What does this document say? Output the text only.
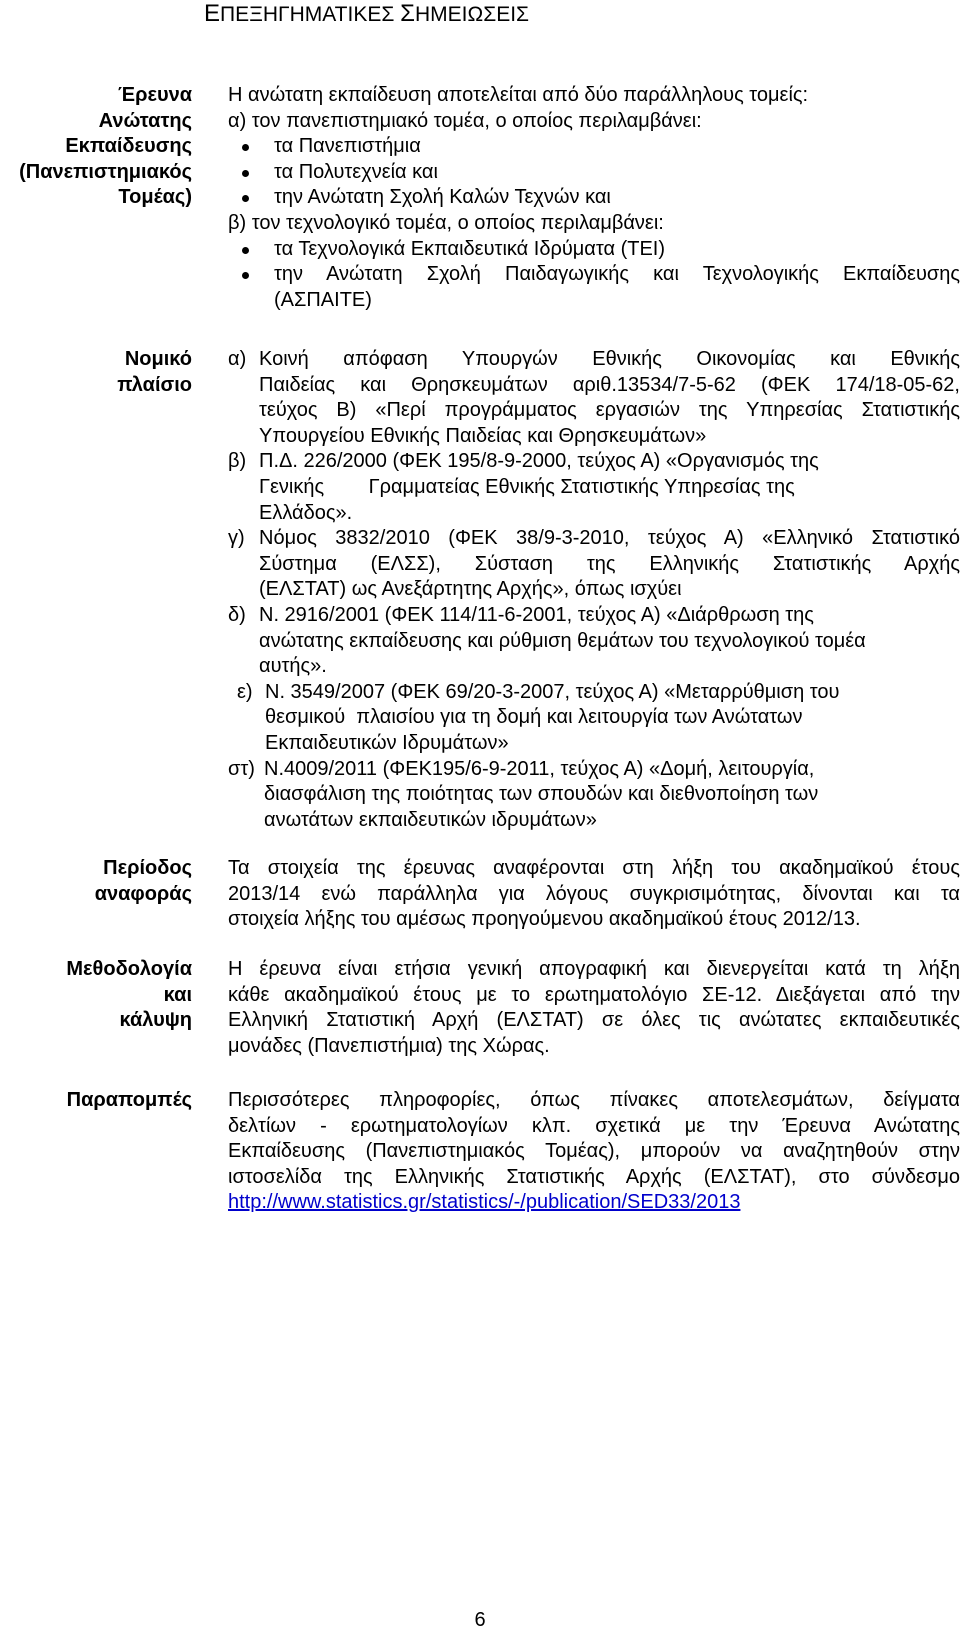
ΕΠΕΞΗΓΗΜΑΤΙΚΕΣ ΣΗΜΕΙΩΣΕΙΣ
Έρευνα
Ανώτατης
Εκπαίδευσης
(Πανεπιστημιακός
Τομέας)
Η ανώτατη εκπαίδευση αποτελείται από δύο παράλληλους τομείς:
α) τον πανεπιστημιακό τομέα, ο οποίος περιλαμβάνει:
τα Πανεπιστήμια
τα Πολυτεχνεία και
την Ανώτατη Σχολή Καλών Τεχνών και
β) τον τεχνολογικό τομέα, ο οποίος περιλαμβάνει:
τα Τεχνολογικά Εκπαιδευτικά Ιδρύματα (ΤΕΙ)
την Ανώτατη Σχολή Παιδαγωγικής και Τεχνολογικής Εκπαίδευσης
(ΑΣΠΑΙΤΕ)
Νομικό
πλαίσιο
α) Κοινή απόφαση Υπουργών Εθνικής Οικονομίας και Εθνικής
Παιδείας και Θρησκευμάτων αριθ.13534/7-5-62 (ΦΕΚ 174/18-05-62,
τεύχος Β) «Περί προγράμματος εργασιών της Υπηρεσίας Στατιστικής
Υπουργείου Εθνικής Παιδείας και Θρησκευμάτων»
β) Π.Δ. 226/2000 (ΦΕΚ 195/8-9-2000, τεύχος Α) «Οργανισμός της
Γενικής        Γραμματείας Εθνικής Στατιστικής Υπηρεσίας της
Ελλάδος».
γ) Νόμος 3832/2010 (ΦΕΚ 38/9-3-2010, τεύχος Α) «Ελληνικό Στατιστικό
Σύστημα (ΕΛΣΣ), Σύσταση της Ελληνικής Στατιστικής Αρχής
(ΕΛΣΤΑΤ) ως Ανεξάρτητης Αρχής», όπως ισχύει
δ) Ν. 2916/2001 (ΦΕΚ 114/11-6-2001, τεύχος Α) «Διάρθρωση της
ανώτατης εκπαίδευσης και ρύθμιση θεμάτων του τεχνολογικού τομέα
αυτής».
ε) Ν. 3549/2007 (ΦΕΚ 69/20-3-2007, τεύχος Α) «Μεταρρύθμιση του
θεσμικού  πλαισίου για τη δομή και λειτουργία των Ανώτατων
Εκπαιδευτικών Ιδρυμάτων»
στ) Ν.4009/2011 (ΦΕΚ195/6-9-2011, τεύχος Α) «Δομή, λειτουργία,
διασφάλιση της ποιότητας των σπουδών και διεθνοποίηση των
ανωτάτων εκπαιδευτικών ιδρυμάτων»
Περίοδος
αναφοράς
Τα στοιχεία της έρευνας αναφέρονται στη λήξη του ακαδημαϊκού έτους
2013/14 ενώ παράλληλα για λόγους συγκρισιμότητας, δίνονται και τα
στοιχεία λήξης του αμέσως προηγούμενου ακαδημαϊκού έτους 2012/13.
Μεθοδολογία
και
κάλυψη
Η έρευνα είναι ετήσια γενική απογραφική και διενεργείται κατά τη λήξη
κάθε ακαδημαϊκού έτους με το ερωτηματολόγιο ΣΕ-12. Διεξάγεται από την
Ελληνική Στατιστική Αρχή (ΕΛΣΤΑΤ) σε όλες τις ανώτατες εκπαιδευτικές
μονάδες (Πανεπιστήμια) της Χώρας.
Παραπομπές Περισσότερες πληροφορίες, όπως πίνακες αποτελεσμάτων, δείγματα
δελτίων - ερωτηματολογίων κλπ. σχετικά με την Έρευνα Ανώτατης
Εκπαίδευσης (Πανεπιστημιακός Τομέας), μπορούν να αναζητηθούν στην
ιστοσελίδα της Ελληνικής Στατιστικής Αρχής (ΕΛΣΤΑΤ), στο σύνδεσμο
http://www.statistics.gr/statistics/-/publication/SED33/2013
6
